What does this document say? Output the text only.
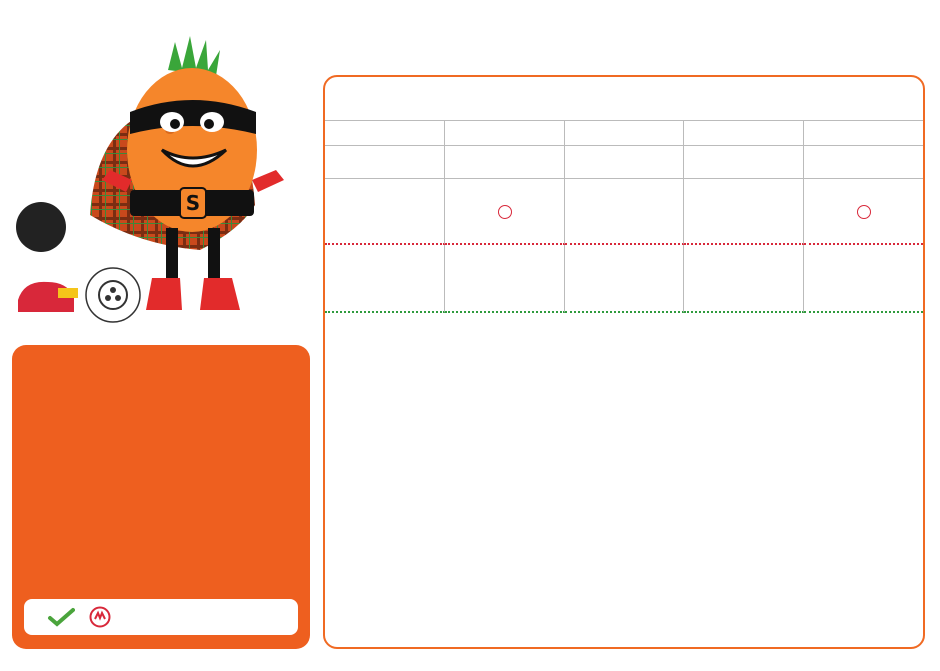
S
